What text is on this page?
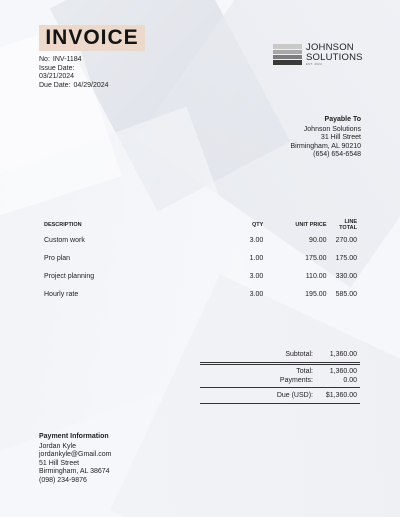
INVOICE
No: INV-1184
Issue Date:
03/21/2024
Due Date: 04/29/2024
JOHNSON
SOLUTIONS
EST. 2024
Payable To
Johnson Solutions
31 Hill Street
Birmingham, AL 90210
(654) 654-6548
DESCRIPTION	QTY	UNIT PRICE	LINE TOTAL
Custom work	3.00	90.00	270.00
Pro plan	1.00	175.00	175.00
Project planning	3.00	110.00	330.00
Hourly rate	3.00	195.00	585.00
Subtotal:	1,360.00
Total:	1,360.00
Payments:	0.00
Due (USD):	$1,360.00
Payment Information
Jordan Kyle
jordankyle@Gmail.com
51 Hill Street
Birmingham, AL 38674
(098) 234-9876
